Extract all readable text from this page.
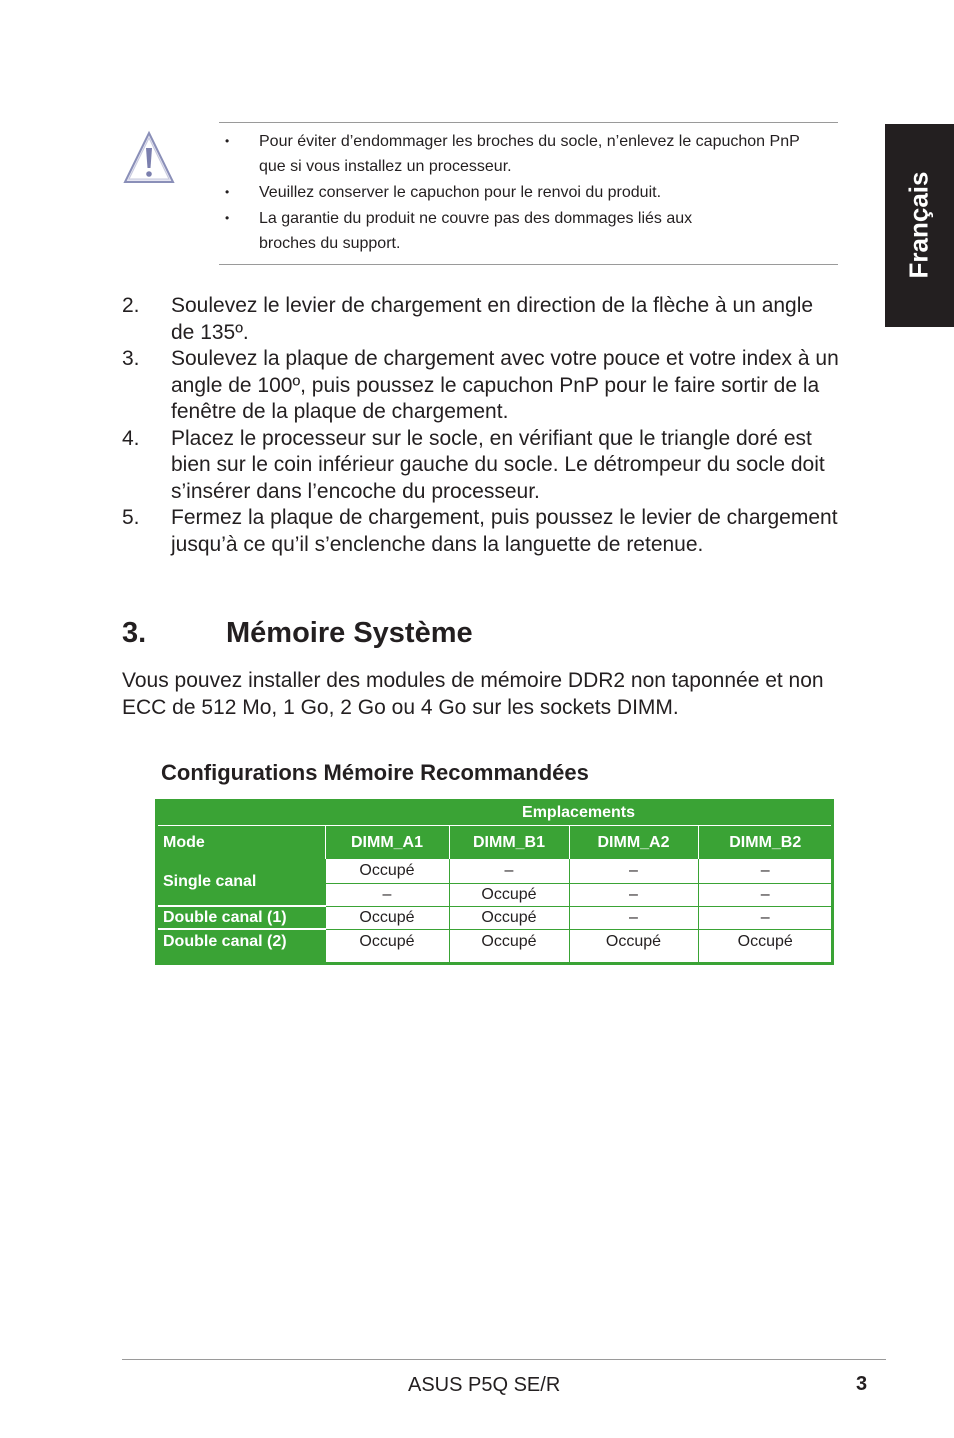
Français
• Pour éviter d’endommager les broches du socle, n’enlevez le capuchon PnP que si vous installez un processeur.
• Veuillez conserver le capuchon pour le renvoi du produit.
• La garantie du produit ne couvre pas des dommages liés aux broches du support.
2. Soulevez le levier de chargement en direction de la flèche à un angle de 135º.
3. Soulevez la plaque de chargement avec votre pouce et votre index à un angle de 100º, puis poussez le capuchon PnP pour le faire sortir de la fenêtre de la plaque de chargement.
4. Placez le processeur sur le socle, en vérifiant que le triangle doré est bien sur le coin inférieur gauche du socle. Le détrompeur du socle doit s’insérer dans l’encoche du processeur.
5. Fermez la plaque de chargement, puis poussez le levier de chargement jusqu’à ce qu’il s’enclenche dans la languette de retenue.
3.	Mémoire Système
Vous pouvez installer des modules de mémoire DDR2 non taponnée et non ECC de 512 Mo, 1 Go, 2 Go ou 4 Go sur les sockets DIMM.
Configurations Mémoire Recommandées
	Emplacements			
Mode	DIMM_A1	DIMM_B1	DIMM_A2	DIMM_B2
Single canal	Occupé	–	–	–
	–	Occupé	–	–
Double canal (1)	Occupé	Occupé	–	–
Double canal (2)	Occupé	Occupé	Occupé	Occupé
ASUS P5Q SE/R	3
